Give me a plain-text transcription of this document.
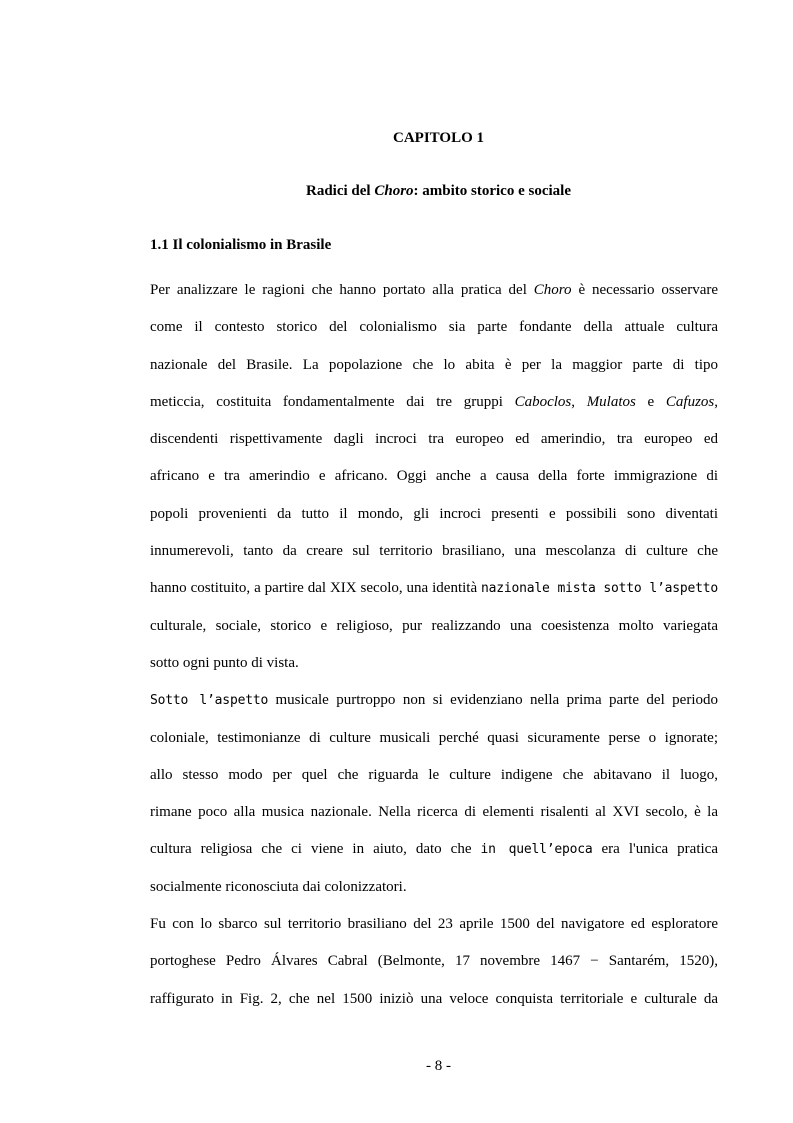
CAPITOLO 1
Radici del Choro: ambito storico e sociale
1.1 Il colonialismo in Brasile
Per analizzare le ragioni che hanno portato alla pratica del Choro è necessario osservare
come il contesto storico del colonialismo sia parte fondante della attuale cultura
nazionale del Brasile. La popolazione che lo abita è per la maggior parte di tipo
meticcia, costituita fondamentalmente dai tre gruppi Caboclos, Mulatos e Cafuzos,
discendenti rispettivamente dagli incroci tra europeo ed amerindio, tra europeo ed
africano e tra amerindio e africano. Oggi anche a causa della forte immigrazione di
popoli provenienti da tutto il mondo, gli incroci presenti e possibili sono diventati
innumerevoli, tanto da creare sul territorio brasiliano, una mescolanza di culture che
hanno costituito, a partire dal XIX secolo, una identità nazionale mista sotto l’aspetto
culturale, sociale, storico e religioso, pur realizzando una coesistenza molto variegata
sotto ogni punto di vista.
Sotto l’aspetto musicale purtroppo non si evidenziano nella prima parte del periodo
coloniale, testimonianze di culture musicali perché quasi sicuramente perse o ignorate;
allo stesso modo per quel che riguarda le culture indigene che abitavano il luogo,
rimane poco alla musica nazionale. Nella ricerca di elementi risalenti al XVI secolo, è la
cultura religiosa che ci viene in aiuto, dato che in quell’epoca era l'unica pratica
socialmente riconosciuta dai colonizzatori.
Fu con lo sbarco sul territorio brasiliano del 23 aprile 1500 del navigatore ed esploratore
portoghese Pedro Álvares Cabral (Belmonte, 17 novembre 1467 − Santarém, 1520),
raffigurato in Fig. 2, che nel 1500 iniziò una veloce conquista territoriale e culturale da
- 8 -
